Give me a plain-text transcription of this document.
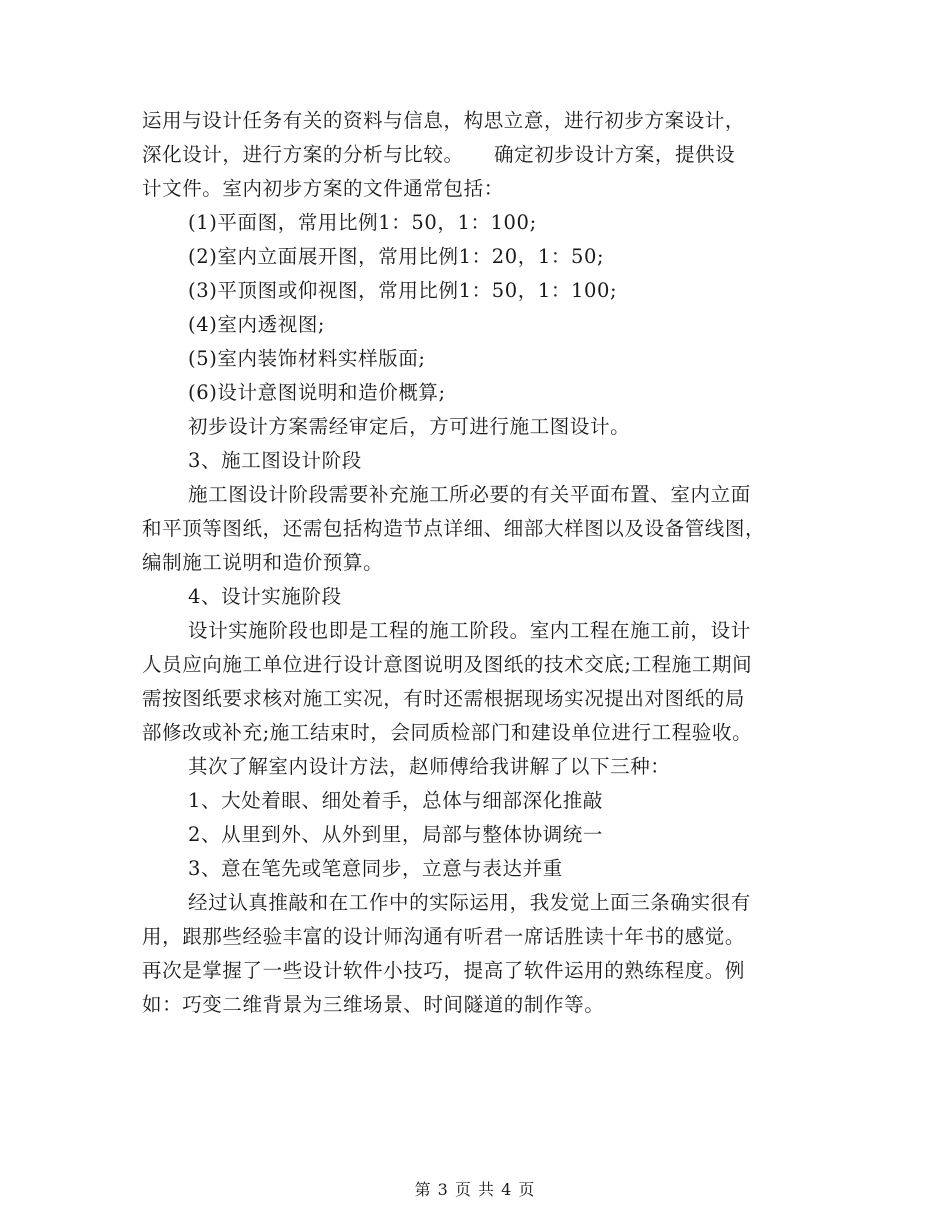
运用与设计任务有关的资料与信息，构思立意，进行初步方案设计，
深化设计，进行方案的分析与比较。　　确定初步设计方案，提供设
计文件。室内初步方案的文件通常包括：
(1)平面图，常用比例1：50，1：100;
(2)室内立面展开图，常用比例1：20，1：50;
(3)平顶图或仰视图，常用比例1：50，1：100;
(4)室内透视图;
(5)室内装饰材料实样版面;
(6)设计意图说明和造价概算;
初步设计方案需经审定后，方可进行施工图设计。
3、施工图设计阶段
施工图设计阶段需要补充施工所必要的有关平面布置、室内立面
和平顶等图纸，还需包括构造节点详细、细部大样图以及设备管线图，
编制施工说明和造价预算。
4、设计实施阶段
设计实施阶段也即是工程的施工阶段。室内工程在施工前，设计
人员应向施工单位进行设计意图说明及图纸的技术交底;工程施工期间
需按图纸要求核对施工实况，有时还需根据现场实况提出对图纸的局
部修改或补充;施工结束时，会同质检部门和建设单位进行工程验收。
其次了解室内设计方法，赵师傅给我讲解了以下三种：
1、大处着眼、细处着手，总体与细部深化推敲
2、从里到外、从外到里，局部与整体协调统一
3、意在笔先或笔意同步，立意与表达并重
经过认真推敲和在工作中的实际运用，我发觉上面三条确实很有
用，跟那些经验丰富的设计师沟通有听君一席话胜读十年书的感觉。
再次是掌握了一些设计软件小技巧，提高了软件运用的熟练程度。例
如：巧变二维背景为三维场景、时间隧道的制作等。
第 3 页 共 4 页
